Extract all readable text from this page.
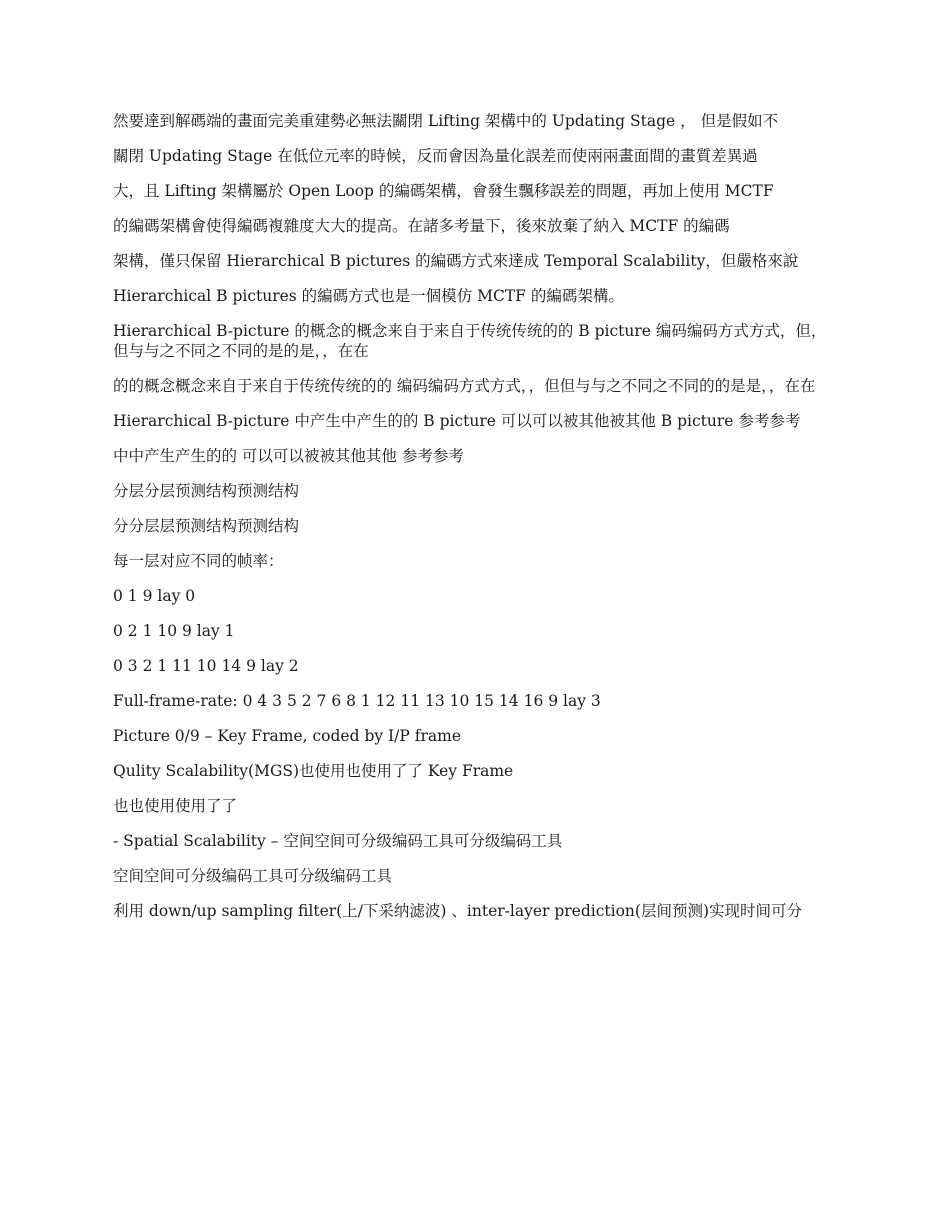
然要達到解碼端的畫面完美重建勢必無法關閉 Lifting 架構中的 Updating Stage ， 但是假如不

關閉 Updating Stage 在低位元率的時候，反而會因為量化誤差而使兩兩畫面間的畫質差異過

大，且 Lifting 架構屬於 Open Loop 的編碼架構，會發生飄移誤差的問題，再加上使用 MCTF

的編碼架構會使得編碼複雜度大大的提高。在諸多考量下，後來放棄了納入 MCTF 的編碼

架構，僅只保留 Hierarchical B pictures 的編碼方式來達成 Temporal Scalability，但嚴格來說

Hierarchical B pictures 的編碼方式也是一個模仿 MCTF 的編碼架構。

Hierarchical B-picture 的概念的概念来自于来自于传统传统的的 B picture 编码编码方式方式，但，但与与之不同之不同的是的是，，在在

的的概念概念来自于来自于传统传统的的 编码编码方式方式，，但但与与之不同之不同的的是是，，在在

Hierarchical B-picture 中产生中产生的的 B picture 可以可以被其他被其他 B picture 参考参考

中中产生产生的的 可以可以被被其他其他 参考参考

分层分层预测结构预测结构

分分层层预测结构预测结构

每一层对应不同的帧率：

0 1 9 lay 0

0 2 1 10 9 lay 1

0 3 2 1 11 10 14 9 lay 2

Full-frame-rate: 0 4 3 5 2 7 6 8 1 12 11 13 10 15 14 16 9 lay 3

Picture 0/9 – Key Frame, coded by I/P frame

Qulity Scalability(MGS)也使用也使用了了 Key Frame

也也使用使用了了

- Spatial Scalability – 空间空间可分级编码工具可分级编码工具

空间空间可分级编码工具可分级编码工具

利用 down/up sampling filter(上/下采纳滤波) 、inter-layer prediction(层间预测)实现时间可分
